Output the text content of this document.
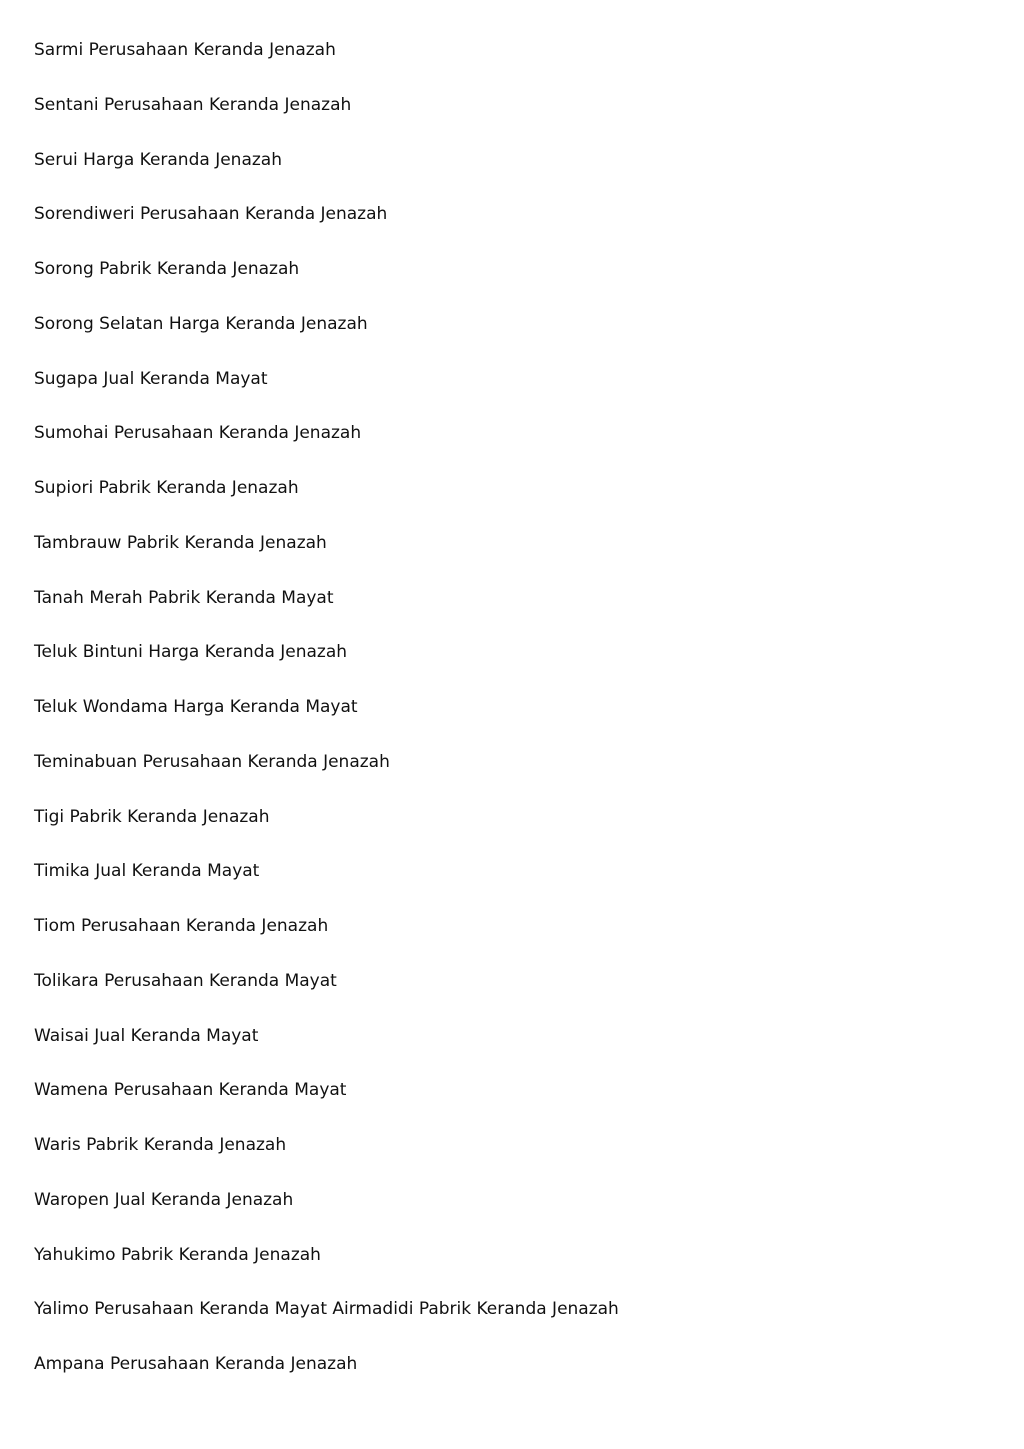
Sarmi Perusahaan Keranda Jenazah
Sentani Perusahaan Keranda Jenazah
Serui Harga Keranda Jenazah
Sorendiweri Perusahaan Keranda Jenazah
Sorong Pabrik Keranda Jenazah
Sorong Selatan Harga Keranda Jenazah
Sugapa Jual Keranda Mayat
Sumohai Perusahaan Keranda Jenazah
Supiori Pabrik Keranda Jenazah
Tambrauw Pabrik Keranda Jenazah
Tanah Merah Pabrik Keranda Mayat
Teluk Bintuni Harga Keranda Jenazah
Teluk Wondama Harga Keranda Mayat
Teminabuan Perusahaan Keranda Jenazah
Tigi Pabrik Keranda Jenazah
Timika Jual Keranda Mayat
Tiom Perusahaan Keranda Jenazah
Tolikara Perusahaan Keranda Mayat
Waisai Jual Keranda Mayat
Wamena Perusahaan Keranda Mayat
Waris Pabrik Keranda Jenazah
Waropen Jual Keranda Jenazah
Yahukimo Pabrik Keranda Jenazah
Yalimo Perusahaan Keranda Mayat Airmadidi Pabrik Keranda Jenazah
Ampana Perusahaan Keranda Jenazah
